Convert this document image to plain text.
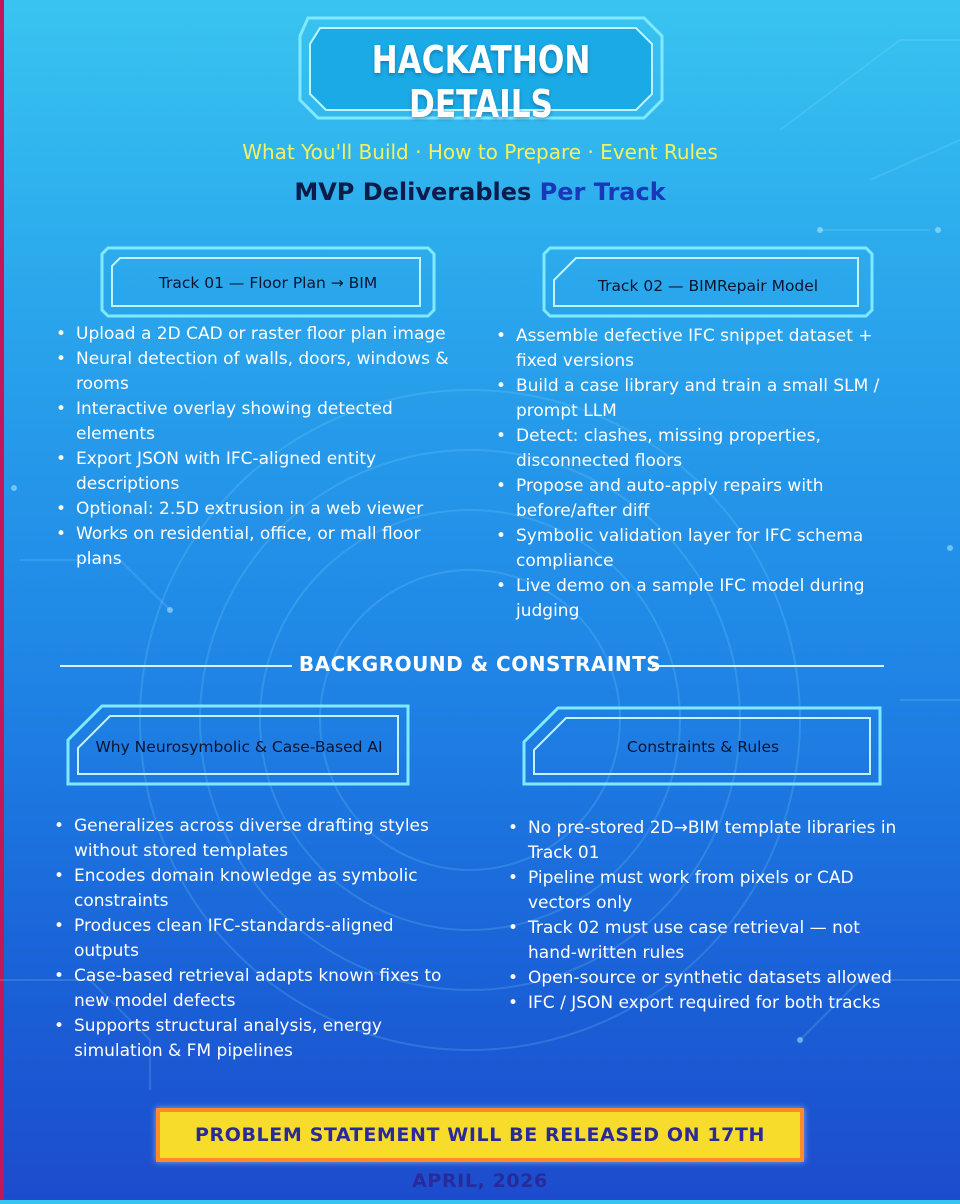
HACKATHON DETAILS
What You'll Build · How to Prepare · Event Rules
MVP Deliverables Per Track
Track 01 — Floor Plan → BIM	Track 02 — BIMRepair Model
• Upload a 2D CAD or raster floor plan image
• Neural detection of walls, doors, windows & rooms
• Interactive overlay showing detected elements
• Export JSON with IFC-aligned entity descriptions
• Optional: 2.5D extrusion in a web viewer
• Works on residential, office, or mall floor plans
• Assemble defective IFC snippet dataset + fixed versions
• Build a case library and train a small SLM / prompt LLM
• Detect: clashes, missing properties, disconnected floors
• Propose and auto-apply repairs with before/after diff
• Symbolic validation layer for IFC schema compliance
• Live demo on a sample IFC model during judging
BACKGROUND & CONSTRAINTS
Why Neurosymbolic & Case-Based AI	Constraints & Rules
• Generalizes across diverse drafting styles without stored templates
• Encodes domain knowledge as symbolic constraints
• Produces clean IFC-standards-aligned outputs
• Case-based retrieval adapts known fixes to new model defects
• Supports structural analysis, energy simulation & FM pipelines
• No pre-stored 2D→BIM template libraries in Track 01
• Pipeline must work from pixels or CAD vectors only
• Track 02 must use case retrieval — not hand-written rules
• Open-source or synthetic datasets allowed
• IFC / JSON export required for both tracks
PROBLEM STATEMENT WILL BE RELEASED ON 17TH APRIL, 2026
